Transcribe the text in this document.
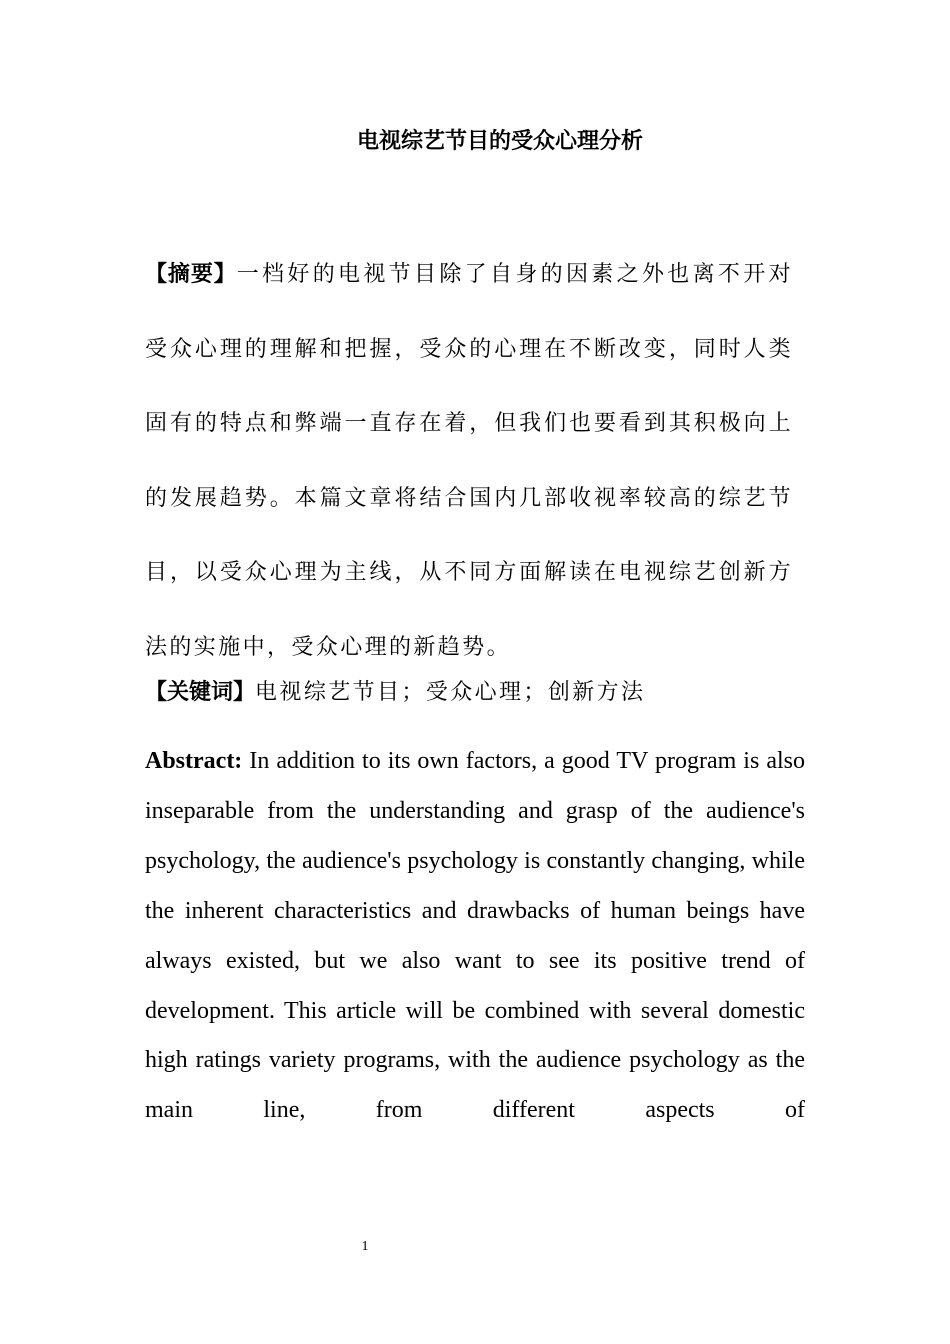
电视综艺节目的受众心理分析

【摘要】一档好的电视节目除了自身的因素之外也离不开对受众心理的理解和把握，受众的心理在不断改变，同时人类固有的特点和弊端一直存在着，但我们也要看到其积极向上的发展趋势。本篇文章将结合国内几部收视率较高的综艺节目，以受众心理为主线，从不同方面解读在电视综艺创新方法的实施中，受众心理的新趋势。

【关键词】电视综艺节目；受众心理；创新方法

Abstract: In addition to its own factors, a good TV program is also inseparable from the understanding and grasp of the audience's psychology, the audience's psychology is constantly changing, while the inherent characteristics and drawbacks of human beings have always existed, but we also want to see its positive trend of development. This article will be combined with several domestic high ratings variety programs, with the audience psychology as the main line, from different aspects of

1
